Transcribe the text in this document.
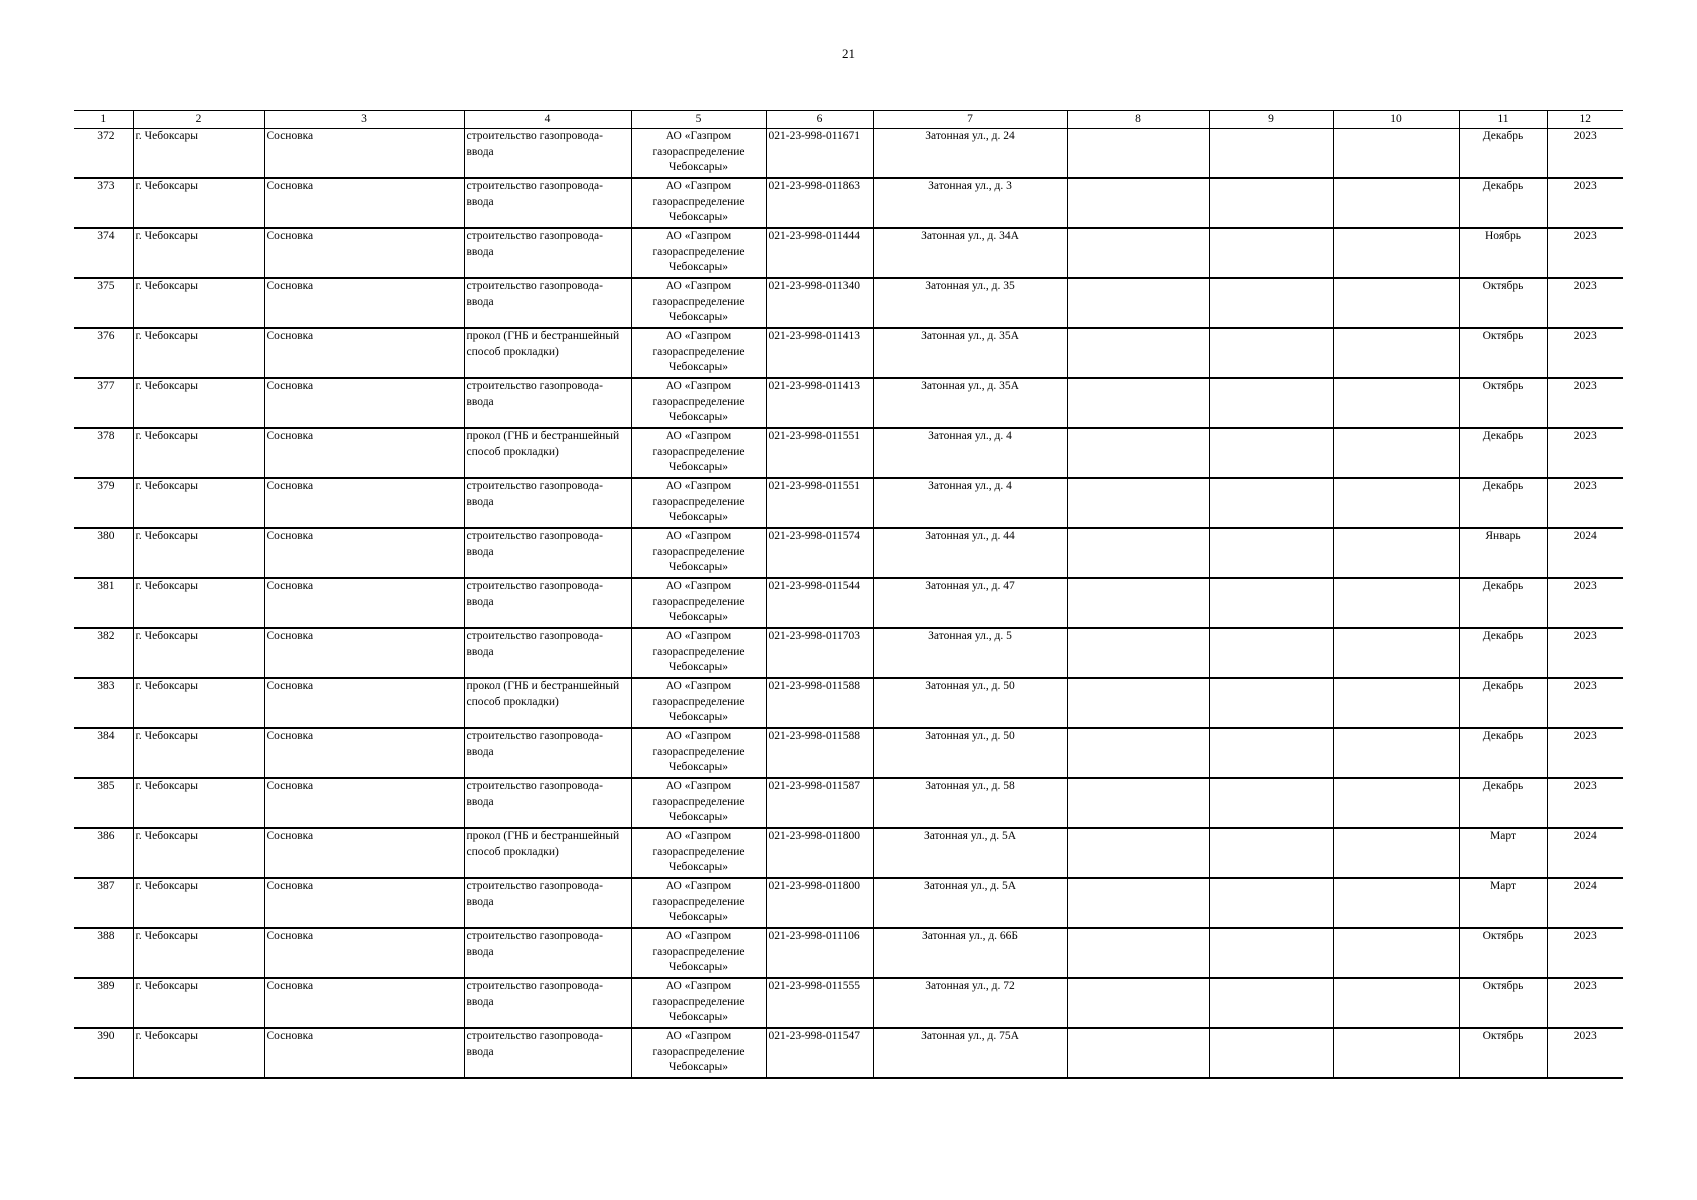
21
1	2	3	4	5	6	7	8	9	10	11	12
372	г. Чебоксары	Сосновка	строительство газопровода-ввода	АО «Газпром газораспределение Чебоксары»	021-23-998-011671	Затонная ул., д. 24				Декабрь	2023
373	г. Чебоксары	Сосновка	строительство газопровода-ввода	АО «Газпром газораспределение Чебоксары»	021-23-998-011863	Затонная ул., д. 3				Декабрь	2023
374	г. Чебоксары	Сосновка	строительство газопровода-ввода	АО «Газпром газораспределение Чебоксары»	021-23-998-011444	Затонная ул., д. 34А				Ноябрь	2023
375	г. Чебоксары	Сосновка	строительство газопровода-ввода	АО «Газпром газораспределение Чебоксары»	021-23-998-011340	Затонная ул., д. 35				Октябрь	2023
376	г. Чебоксары	Сосновка	прокол (ГНБ и бестраншейный способ прокладки)	АО «Газпром газораспределение Чебоксары»	021-23-998-011413	Затонная ул., д. 35А				Октябрь	2023
377	г. Чебоксары	Сосновка	строительство газопровода-ввода	АО «Газпром газораспределение Чебоксары»	021-23-998-011413	Затонная ул., д. 35А				Октябрь	2023
378	г. Чебоксары	Сосновка	прокол (ГНБ и бестраншейный способ прокладки)	АО «Газпром газораспределение Чебоксары»	021-23-998-011551	Затонная ул., д. 4				Декабрь	2023
379	г. Чебоксары	Сосновка	строительство газопровода-ввода	АО «Газпром газораспределение Чебоксары»	021-23-998-011551	Затонная ул., д. 4				Декабрь	2023
380	г. Чебоксары	Сосновка	строительство газопровода-ввода	АО «Газпром газораспределение Чебоксары»	021-23-998-011574	Затонная ул., д. 44				Январь	2024
381	г. Чебоксары	Сосновка	строительство газопровода-ввода	АО «Газпром газораспределение Чебоксары»	021-23-998-011544	Затонная ул., д. 47				Декабрь	2023
382	г. Чебоксары	Сосновка	строительство газопровода-ввода	АО «Газпром газораспределение Чебоксары»	021-23-998-011703	Затонная ул., д. 5				Декабрь	2023
383	г. Чебоксары	Сосновка	прокол (ГНБ и бестраншейный способ прокладки)	АО «Газпром газораспределение Чебоксары»	021-23-998-011588	Затонная ул., д. 50				Декабрь	2023
384	г. Чебоксары	Сосновка	строительство газопровода-ввода	АО «Газпром газораспределение Чебоксары»	021-23-998-011588	Затонная ул., д. 50				Декабрь	2023
385	г. Чебоксары	Сосновка	строительство газопровода-ввода	АО «Газпром газораспределение Чебоксары»	021-23-998-011587	Затонная ул., д. 58				Декабрь	2023
386	г. Чебоксары	Сосновка	прокол (ГНБ и бестраншейный способ прокладки)	АО «Газпром газораспределение Чебоксары»	021-23-998-011800	Затонная ул., д. 5А				Март	2024
387	г. Чебоксары	Сосновка	строительство газопровода-ввода	АО «Газпром газораспределение Чебоксары»	021-23-998-011800	Затонная ул., д. 5А				Март	2024
388	г. Чебоксары	Сосновка	строительство газопровода-ввода	АО «Газпром газораспределение Чебоксары»	021-23-998-011106	Затонная ул., д. 66Б				Октябрь	2023
389	г. Чебоксары	Сосновка	строительство газопровода-ввода	АО «Газпром газораспределение Чебоксары»	021-23-998-011555	Затонная ул., д. 72				Октябрь	2023
390	г. Чебоксары	Сосновка	строительство газопровода-ввода	АО «Газпром газораспределение Чебоксары»	021-23-998-011547	Затонная ул., д. 75А				Октябрь	2023
